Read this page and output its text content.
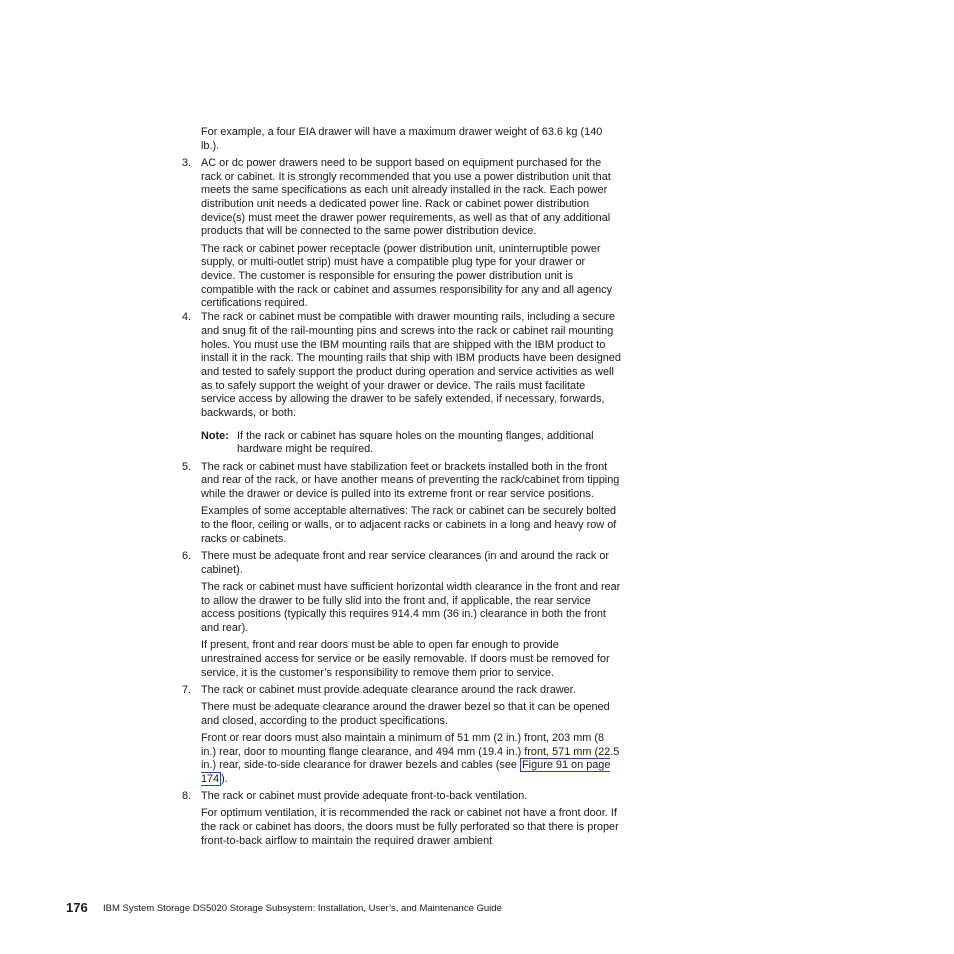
For example, a four EIA drawer will have a maximum drawer weight of 63.6 kg (140 lb.).
3. AC or dc power drawers need to be support based on equipment purchased for the rack or cabinet. It is strongly recommended that you use a power distribution unit that meets the same specifications as each unit already installed in the rack. Each power distribution unit needs a dedicated power line. Rack or cabinet power distribution device(s) must meet the drawer power requirements, as well as that of any additional products that will be connected to the same power distribution device.
The rack or cabinet power receptacle (power distribution unit, uninterruptible power supply, or multi-outlet strip) must have a compatible plug type for your drawer or device. The customer is responsible for ensuring the power distribution unit is compatible with the rack or cabinet and assumes responsibility for any and all agency certifications required.
4. The rack or cabinet must be compatible with drawer mounting rails, including a secure and snug fit of the rail-mounting pins and screws into the rack or cabinet rail mounting holes. You must use the IBM mounting rails that are shipped with the IBM product to install it in the rack. The mounting rails that ship with IBM products have been designed and tested to safely support the product during operation and service activities as well as to safely support the weight of your drawer or device. The rails must facilitate service access by allowing the drawer to be safely extended, if necessary, forwards, backwards, or both.
Note: If the rack or cabinet has square holes on the mounting flanges, additional hardware might be required.
5. The rack or cabinet must have stabilization feet or brackets installed both in the front and rear of the rack, or have another means of preventing the rack/cabinet from tipping while the drawer or device is pulled into its extreme front or rear service positions.
Examples of some acceptable alternatives: The rack or cabinet can be securely bolted to the floor, ceiling or walls, or to adjacent racks or cabinets in a long and heavy row of racks or cabinets.
6. There must be adequate front and rear service clearances (in and around the rack or cabinet).
The rack or cabinet must have sufficient horizontal width clearance in the front and rear to allow the drawer to be fully slid into the front and, if applicable, the rear service access positions (typically this requires 914.4 mm (36 in.) clearance in both the front and rear).
If present, front and rear doors must be able to open far enough to provide unrestrained access for service or be easily removable. If doors must be removed for service, it is the customer’s responsibility to remove them prior to service.
7. The rack or cabinet must provide adequate clearance around the rack drawer.
There must be adequate clearance around the drawer bezel so that it can be opened and closed, according to the product specifications.
Front or rear doors must also maintain a minimum of 51 mm (2 in.) front, 203 mm (8 in.) rear, door to mounting flange clearance, and 494 mm (19.4 in.) front, 571 mm (22.5 in.) rear, side-to-side clearance for drawer bezels and cables (see Figure 91 on page 174 ).
8. The rack or cabinet must provide adequate front-to-back ventilation.
For optimum ventilation, it is recommended the rack or cabinet not have a front door. If the rack or cabinet has doors, the doors must be fully perforated so that there is proper front-to-back airflow to maintain the required drawer ambient
176 IBM System Storage DS5020 Storage Subsystem: Installation, User’s, and Maintenance Guide
